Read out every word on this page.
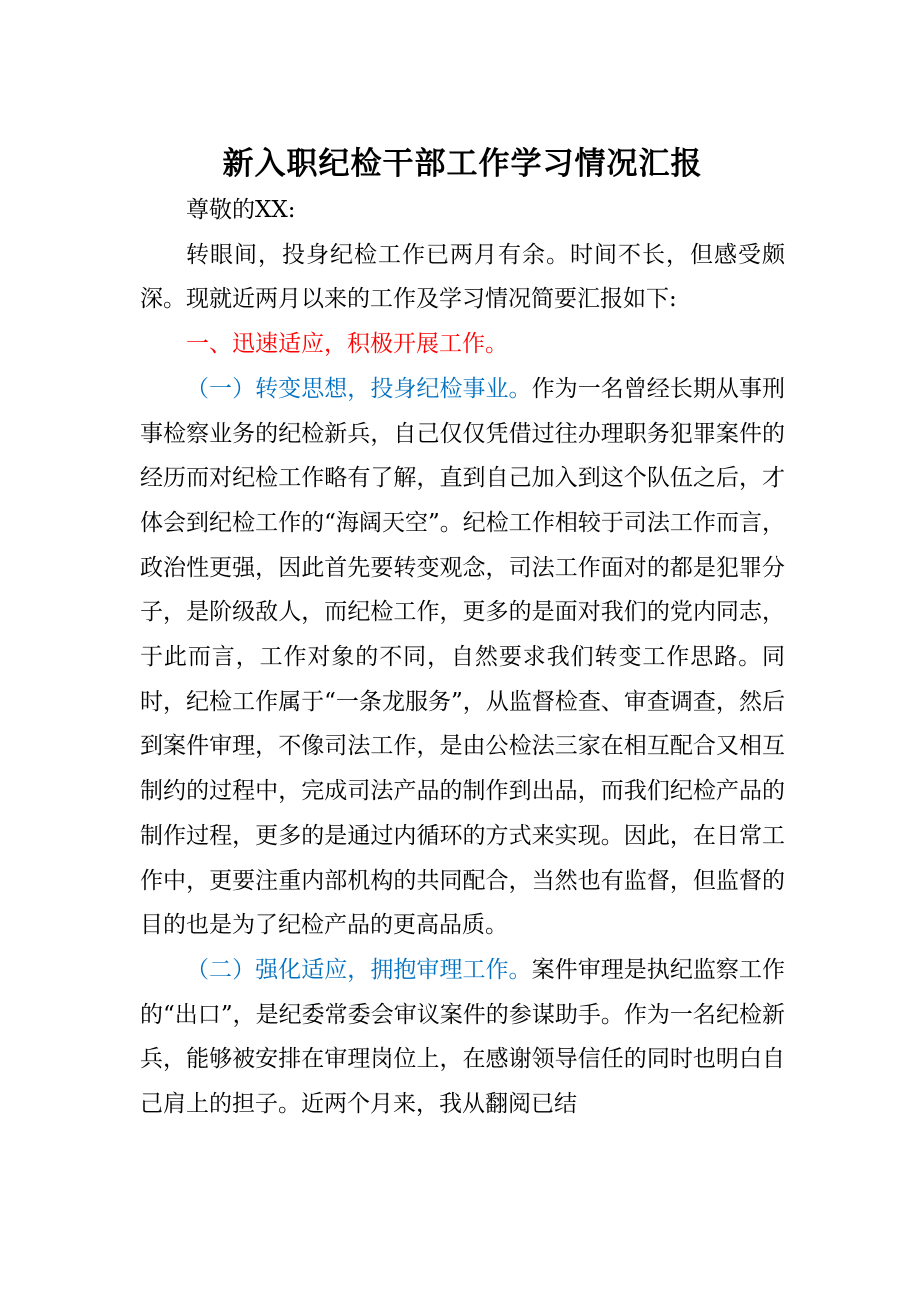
新入职纪检干部工作学习情况汇报

尊敬的XX:

转眼间，投身纪检工作已两月有余。时间不长，但感受颇深。现就近两月以来的工作及学习情况简要汇报如下:

一、迅速适应，积极开展工作。

（一）转变思想，投身纪检事业。作为一名曾经长期从事刑事检察业务的纪检新兵，自己仅仅凭借过往办理职务犯罪案件的经历而对纪检工作略有了解，直到自己加入到这个队伍之后，才体会到纪检工作的“海阔天空”。纪检工作相较于司法工作而言，政治性更强，因此首先要转变观念，司法工作面对的都是犯罪分子，是阶级敌人，而纪检工作，更多的是面对我们的党内同志，于此而言，工作对象的不同，自然要求我们转变工作思路。同时，纪检工作属于“一条龙服务”，从监督检查、审查调查，然后到案件审理，不像司法工作，是由公检法三家在相互配合又相互制约的过程中，完成司法产品的制作到出品，而我们纪检产品的制作过程，更多的是通过内循环的方式来实现。因此，在日常工作中，更要注重内部机构的共同配合，当然也有监督，但监督的目的也是为了纪检产品的更高品质。

（二）强化适应，拥抱审理工作。案件审理是执纪监察工作的“出口”，是纪委常委会审议案件的参谋助手。作为一名纪检新兵，能够被安排在审理岗位上，在感谢领导信任的同时也明白自己肩上的担子。近两个月来，我从翻阅已结
